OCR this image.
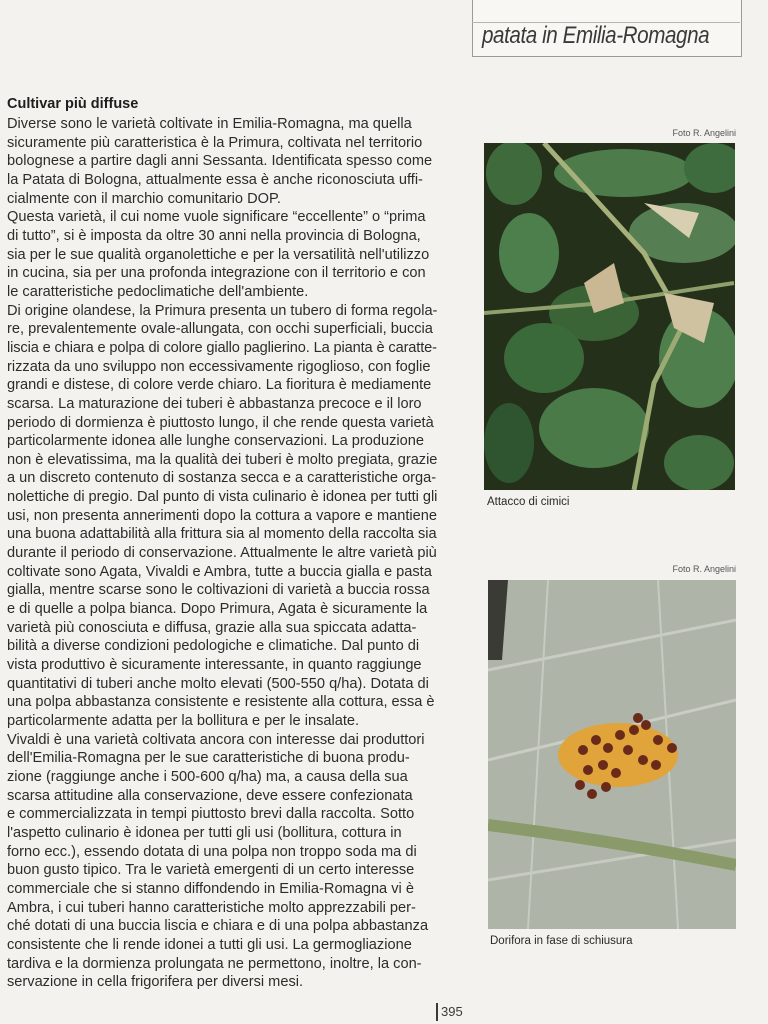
patata in Emilia-Romagna
Cultivar più diffuse
Diverse sono le varietà coltivate in Emilia-Romagna, ma quella
sicuramente più caratteristica è la Primura, coltivata nel territorio
bolognese a partire dagli anni Sessanta. Identificata spesso come
la Patata di Bologna, attualmente essa è anche riconosciuta uffi-
cialmente con il marchio comunitario DOP.
Questa varietà, il cui nome vuole significare “eccellente” o “prima
di tutto”, si è imposta da oltre 30 anni nella provincia di Bologna,
sia per le sue qualità organolettiche e per la versatilità nell'utilizzo
in cucina, sia per una profonda integrazione con il territorio e con
le caratteristiche pedoclimatiche dell'ambiente.
Di origine olandese, la Primura presenta un tubero di forma regola-
re, prevalentemente ovale-allungata, con occhi superficiali, buccia
liscia e chiara e polpa di colore giallo paglierino. La pianta è caratte-
rizzata da uno sviluppo non eccessivamente rigoglioso, con foglie
grandi e distese, di colore verde chiaro. La fioritura è mediamente
scarsa. La maturazione dei tuberi è abbastanza precoce e il loro
periodo di dormienza è piuttosto lungo, il che rende questa varietà
particolarmente idonea alle lunghe conservazioni. La produzione
non è elevatissima, ma la qualità dei tuberi è molto pregiata, grazie
a un discreto contenuto di sostanza secca e a caratteristiche orga-
nolettiche di pregio. Dal punto di vista culinario è idonea per tutti gli
usi, non presenta annerimenti dopo la cottura a vapore e mantiene
una buona adattabilità alla frittura sia al momento della raccolta sia
durante il periodo di conservazione. Attualmente le altre varietà più
coltivate sono Agata, Vivaldi e Ambra, tutte a buccia gialla e pasta
gialla, mentre scarse sono le coltivazioni di varietà a buccia rossa
e di quelle a polpa bianca. Dopo Primura, Agata è sicuramente la
varietà più conosciuta e diffusa, grazie alla sua spiccata adatta-
bilità a diverse condizioni pedologiche e climatiche. Dal punto di
vista produttivo è sicuramente interessante, in quanto raggiunge
quantitativi di tuberi anche molto elevati (500-550 q/ha). Dotata di
una polpa abbastanza consistente e resistente alla cottura, essa è
particolarmente adatta per la bollitura e per le insalate.
Vivaldi è una varietà coltivata ancora con interesse dai produttori
dell'Emilia-Romagna per le sue caratteristiche di buona produ-
zione (raggiunge anche i 500-600 q/ha) ma, a causa della sua
scarsa attitudine alla conservazione, deve essere confezionata
e commercializzata in tempi piuttosto brevi dalla raccolta. Sotto
l'aspetto culinario è idonea per tutti gli usi (bollitura, cottura in
forno ecc.), essendo dotata di una polpa non troppo soda ma di
buon gusto tipico. Tra le varietà emergenti di un certo interesse
commerciale che si stanno diffondendo in Emilia-Romagna vi è
Ambra, i cui tuberi hanno caratteristiche molto apprezzabili per-
ché dotati di una buccia liscia e chiara e di una polpa abbastanza
consistente che li rende idonei a tutti gli usi. La germogliazione
tardiva e la dormienza prolungata ne permettono, inoltre, la con-
servazione in cella frigorifera per diversi mesi.
Foto R. Angelini
Attacco di cimici
Foto R. Angelini
Dorifora in fase di schiusura
395
